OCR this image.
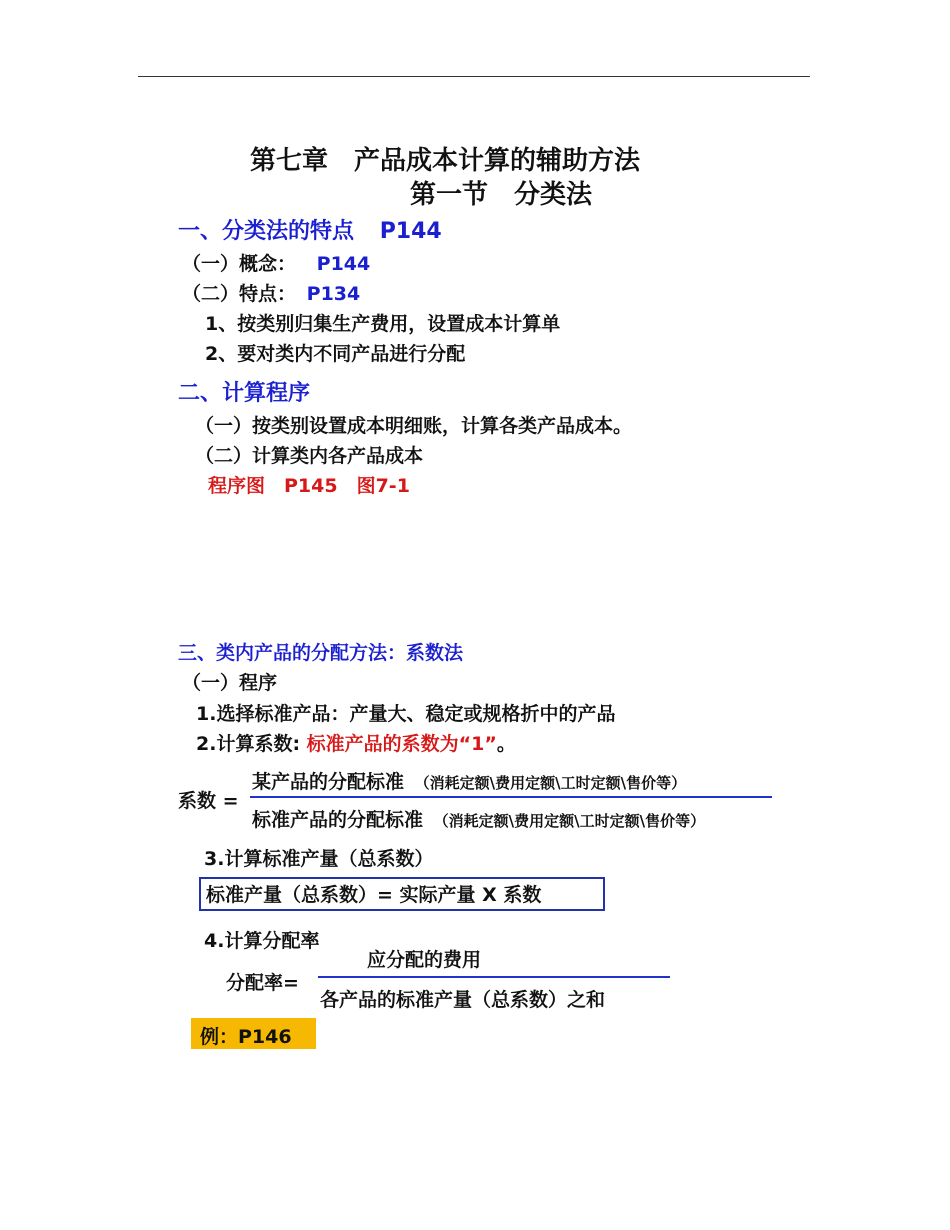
第七章　产品成本计算的辅助方法
第一节　分类法
一、分类法的特点 P144
（一）概念： P144
（二）特点： P134
1、按类别归集生产费用，设置成本计算单
2、要对类内不同产品进行分配
二、计算程序
（一）按类别设置成本明细账，计算各类产品成本。
（二）计算类内各产品成本
程序图　P145　图7-1
三、类内产品的分配方法：系数法
（一）程序
1.选择标准产品：产量大、稳定或规格折中的产品
2.计算系数: 标准产品的系数为“1”。
系数 =
某产品的分配标准 （消耗定额\费用定额\工时定额\售价等）
标准产品的分配标准 （消耗定额\费用定额\工时定额\售价等）
3.计算标准产量（总系数）
标准产量（总系数）= 实际产量 X 系数
4.计算分配率
分配率=
应分配的费用
各产品的标准产量（总系数）之和
例：P146
